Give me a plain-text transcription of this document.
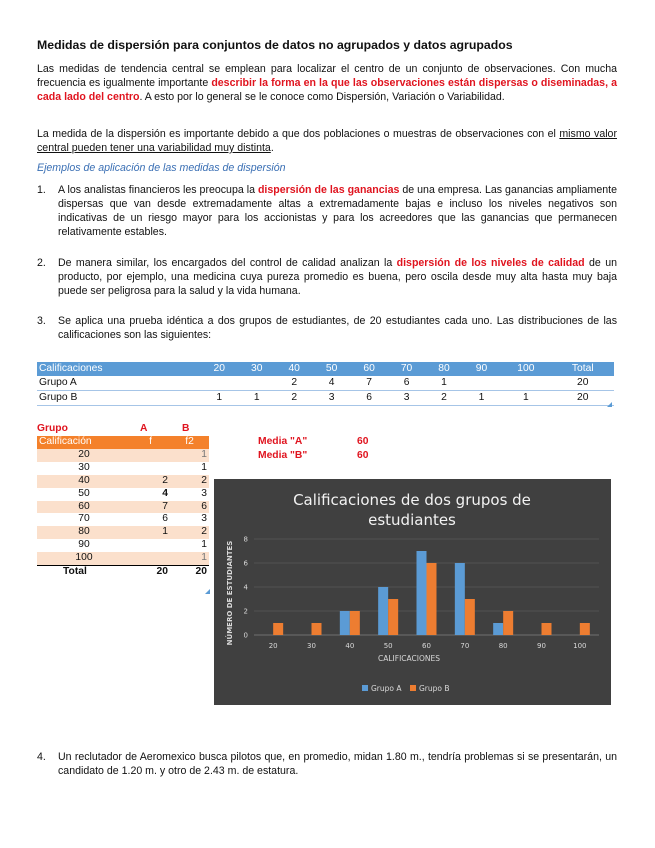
Medidas de dispersión para conjuntos de datos no agrupados y datos agrupados
Las medidas de tendencia central se emplean para localizar el centro de un conjunto de observaciones. Con mucha frecuencia es igualmente importante describir la forma en la que las observaciones están dispersas o diseminadas, a cada lado del centro. A esto por lo general se le conoce como Dispersión, Variación o Variabilidad.
La medida de la dispersión es importante debido a que dos poblaciones o muestras de observaciones con el mismo valor central pueden tener una variabilidad muy distinta.
Ejemplos de aplicación de las medidas de dispersión
1. A los analistas financieros les preocupa la dispersión de las ganancias de una empresa. Las ganancias ampliamente dispersas que van desde extremadamente altas a extremadamente bajas e incluso los niveles negativos son indicativas de un riesgo mayor para los accionistas y para los acreedores que las ganancias que permanecen relativamente estables.
2. De manera similar, los encargados del control de calidad analizan la dispersión de los niveles de calidad de un producto, por ejemplo, una medicina cuya pureza promedio es buena, pero oscila desde muy alta hasta muy baja puede ser peligrosa para la salud y la vida humana.
3. Se aplica una prueba idéntica a dos grupos de estudiantes, de 20 estudiantes cada uno. Las distribuciones de las calificaciones son las siguientes:
Calificaciones	20	30	40	50	60	70	80	90	100	Total
Grupo A			2	4	7	6	1			20
Grupo B	1	1	2	3	6	3	2	1	1	20
Grupo	A	B
Calificación	f	f2
20		1
30		1
40	2	2
50	4	3
60	7	6
70	6	3
80	1	2
90		1
100		1
Total	20	20
Media "A"	60
Media "B"	60
Calificaciones de dos grupos de
estudiantes
20	30	40	50	60	70	80	90	100
0
2
4
6
8
CALIFICACIONES
NÚMERO DE ESTUDIANTES
Grupo A Grupo B
4. Un reclutador de Aeromexico busca pilotos que, en promedio, midan 1.80 m., tendría problemas si se presentarán, un candidato de 1.20 m. y otro de 2.43 m. de estatura.
